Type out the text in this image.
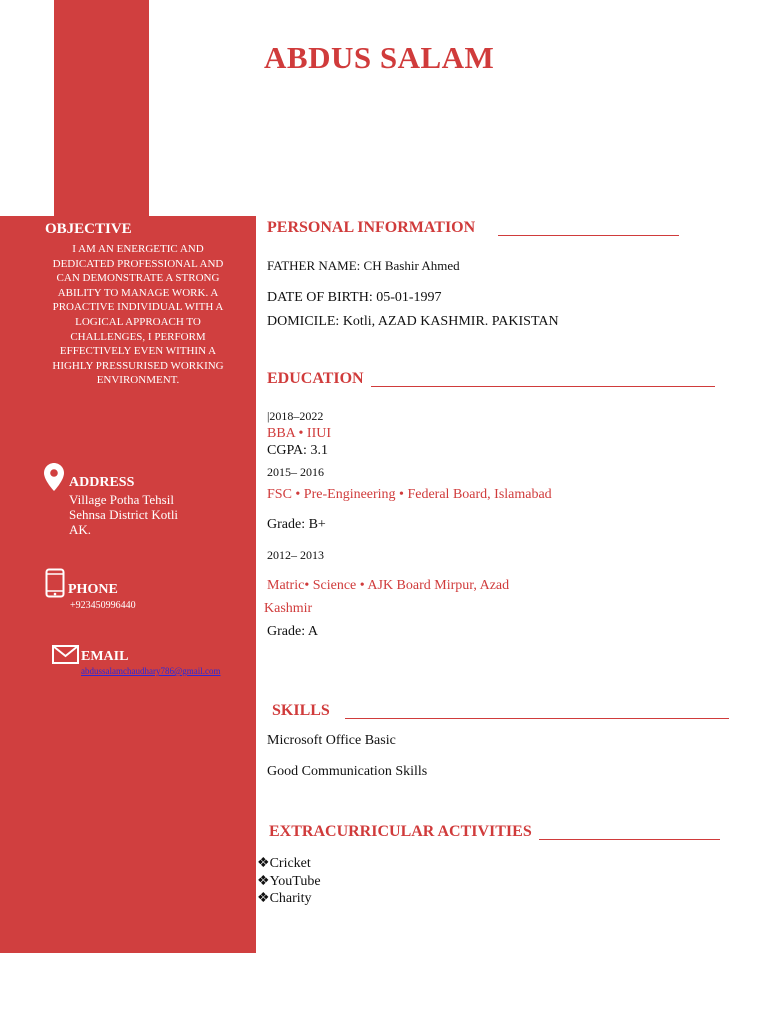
ABDUS SALAM
OBJECTIVE
I AM AN ENERGETIC AND
DEDICATED PROFESSIONAL AND
CAN DEMONSTRATE A STRONG
ABILITY TO MANAGE WORK. A
PROACTIVE INDIVIDUAL WITH A
LOGICAL APPROACH TO
CHALLENGES, I PERFORM
EFFECTIVELY EVEN WITHIN A
HIGHLY PRESSURISED WORKING
ENVIRONMENT.
ADDRESS
Village Potha Tehsil
Sehnsa District Kotli
AK.
PHONE
+923450996440
EMAIL
abdussalamchaudhary786@gmail.com
PERSONAL INFORMATION
FATHER NAME: CH Bashir Ahmed
DATE OF BIRTH: 05-01-1997
DOMICILE: Kotli, AZAD KASHMIR. PAKISTAN
EDUCATION
|2018–2022
BBA • IIUI
CGPA: 3.1
2015– 2016
FSC • Pre-Engineering • Federal Board, Islamabad
Grade: B+
2012– 2013
Matric• Science • AJK Board Mirpur, Azad
Kashmir
Grade: A
SKILLS
Microsoft Office Basic
Good Communication Skills
EXTRACURRICULAR ACTIVITIES
❖Cricket
❖YouTube
❖Charity
